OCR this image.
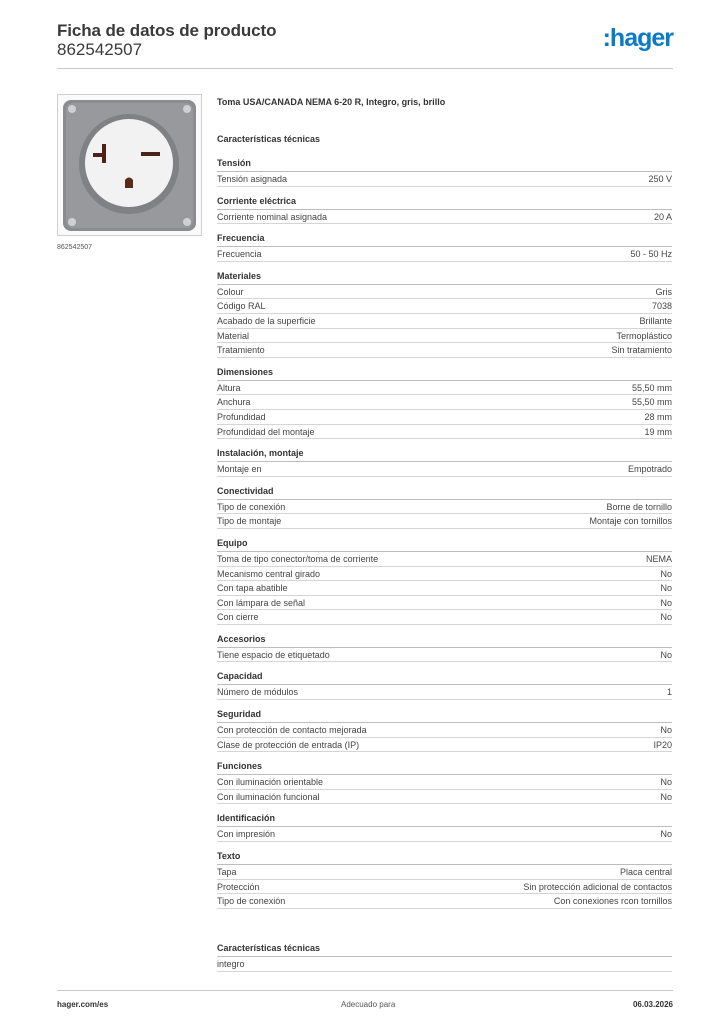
Ficha de datos de producto
862542507	:hager
862542507
Toma USA/CANADA NEMA 6-20 R, Integro, gris, brillo
Características técnicas
Tensión
Tensión asignada	250 V
Corriente eléctrica
Corriente nominal asignada	20 A
Frecuencia
Frecuencia	50 - 50 Hz
Materiales
Colour	Gris
Código RAL	7038
Acabado de la superficie	Brillante
Material	Termoplástico
Tratamiento	Sin tratamiento
Dimensiones
Altura	55,50 mm
Anchura	55,50 mm
Profundidad	28 mm
Profundidad del montaje	19 mm
Instalación, montaje
Montaje en	Empotrado
Conectividad
Tipo de conexión	Borne de tornillo
Tipo de montaje	Montaje con tornillos
Equipo
Toma de tipo conector/toma de corriente	NEMA
Mecanismo central girado	No
Con tapa abatible	No
Con lámpara de señal	No
Con cierre	No
Accesorios
Tiene espacio de etiquetado	No
Capacidad
Número de módulos	1
Seguridad
Con protección de contacto mejorada	No
Clase de protección de entrada (IP)	IP20
Funciones
Con iluminación orientable	No
Con iluminación funcional	No
Identificación
Con impresión	No
Texto
Tapa	Placa central
Protección	Sin protección adicional de contactos
Tipo de conexión	Con conexiones rcon tornillos
Características técnicas
integro
hager.com/es	Adecuado para	06.03.2026
